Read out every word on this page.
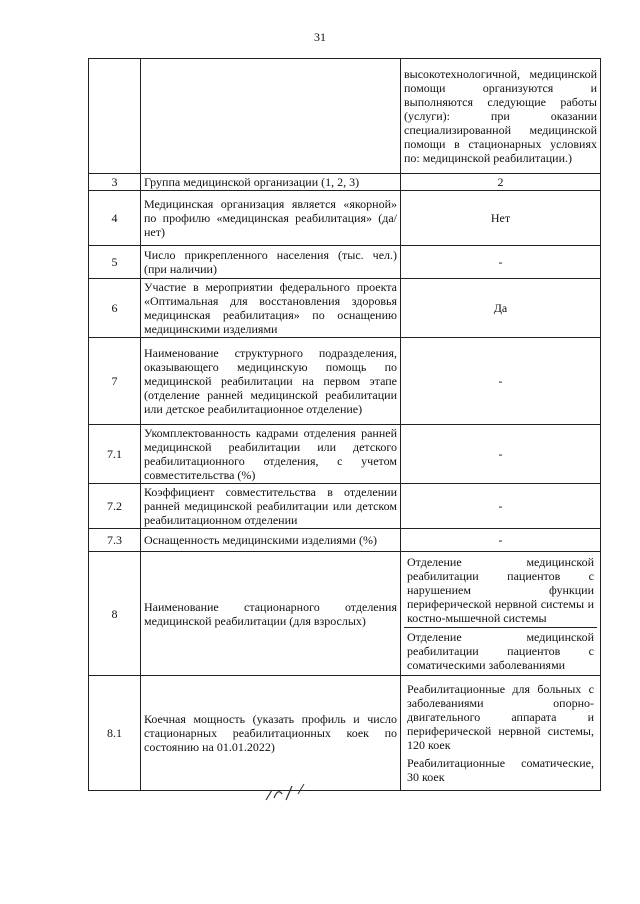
31
		высокотехнологичной, медицинской помощи организуются и выполняются следующие работы (услуги): при оказании специализированной медицинской помощи в стационарных условиях по: медицинской реабилитации.)
3	Группа медицинской организации (1, 2, 3)	2
4	Медицинская организация является «якорной» по профилю «медицинская реабилитация» (да/нет)	Нет
5	Число прикрепленного населения (тыс. чел.) (при наличии)	-
6	Участие в мероприятии федерального проекта «Оптимальная для восстановления здоровья медицинская реабилитация» по оснащению медицинскими изделиями	Да
7	Наименование структурного подразделения, оказывающего медицинскую помощь по медицинской реабилитации на первом этапе (отделение ранней медицинской реабилитации или детское реабилитационное отделение)	-
7.1	Укомплектованность кадрами отделения ранней медицинской реабилитации или детского реабилитационного отделения, с учетом совместительства (%)	-
7.2	Коэффициент совместительства в отделении ранней медицинской реабилитации или детском реабилитационном отделении	-
7.3	Оснащенность медицинскими изделиями (%)	-
8	Наименование стационарного отделения медицинской реабилитации (для взрослых)	Отделение медицинской реабилитации пациентов с нарушением функции периферической нервной системы и костно-мышечной системы
Отделение медицинской реабилитации пациентов с соматическими заболеваниями

8.1	Коечная мощность (указать профиль и число стационарных реабилитационных коек по состоянию на 01.01.2022)	Реабилитационные для больных с заболеваниями опорно-двигательного аппарата и периферической нервной системы, 120 коек
Реабилитационные соматические, 30 коек
